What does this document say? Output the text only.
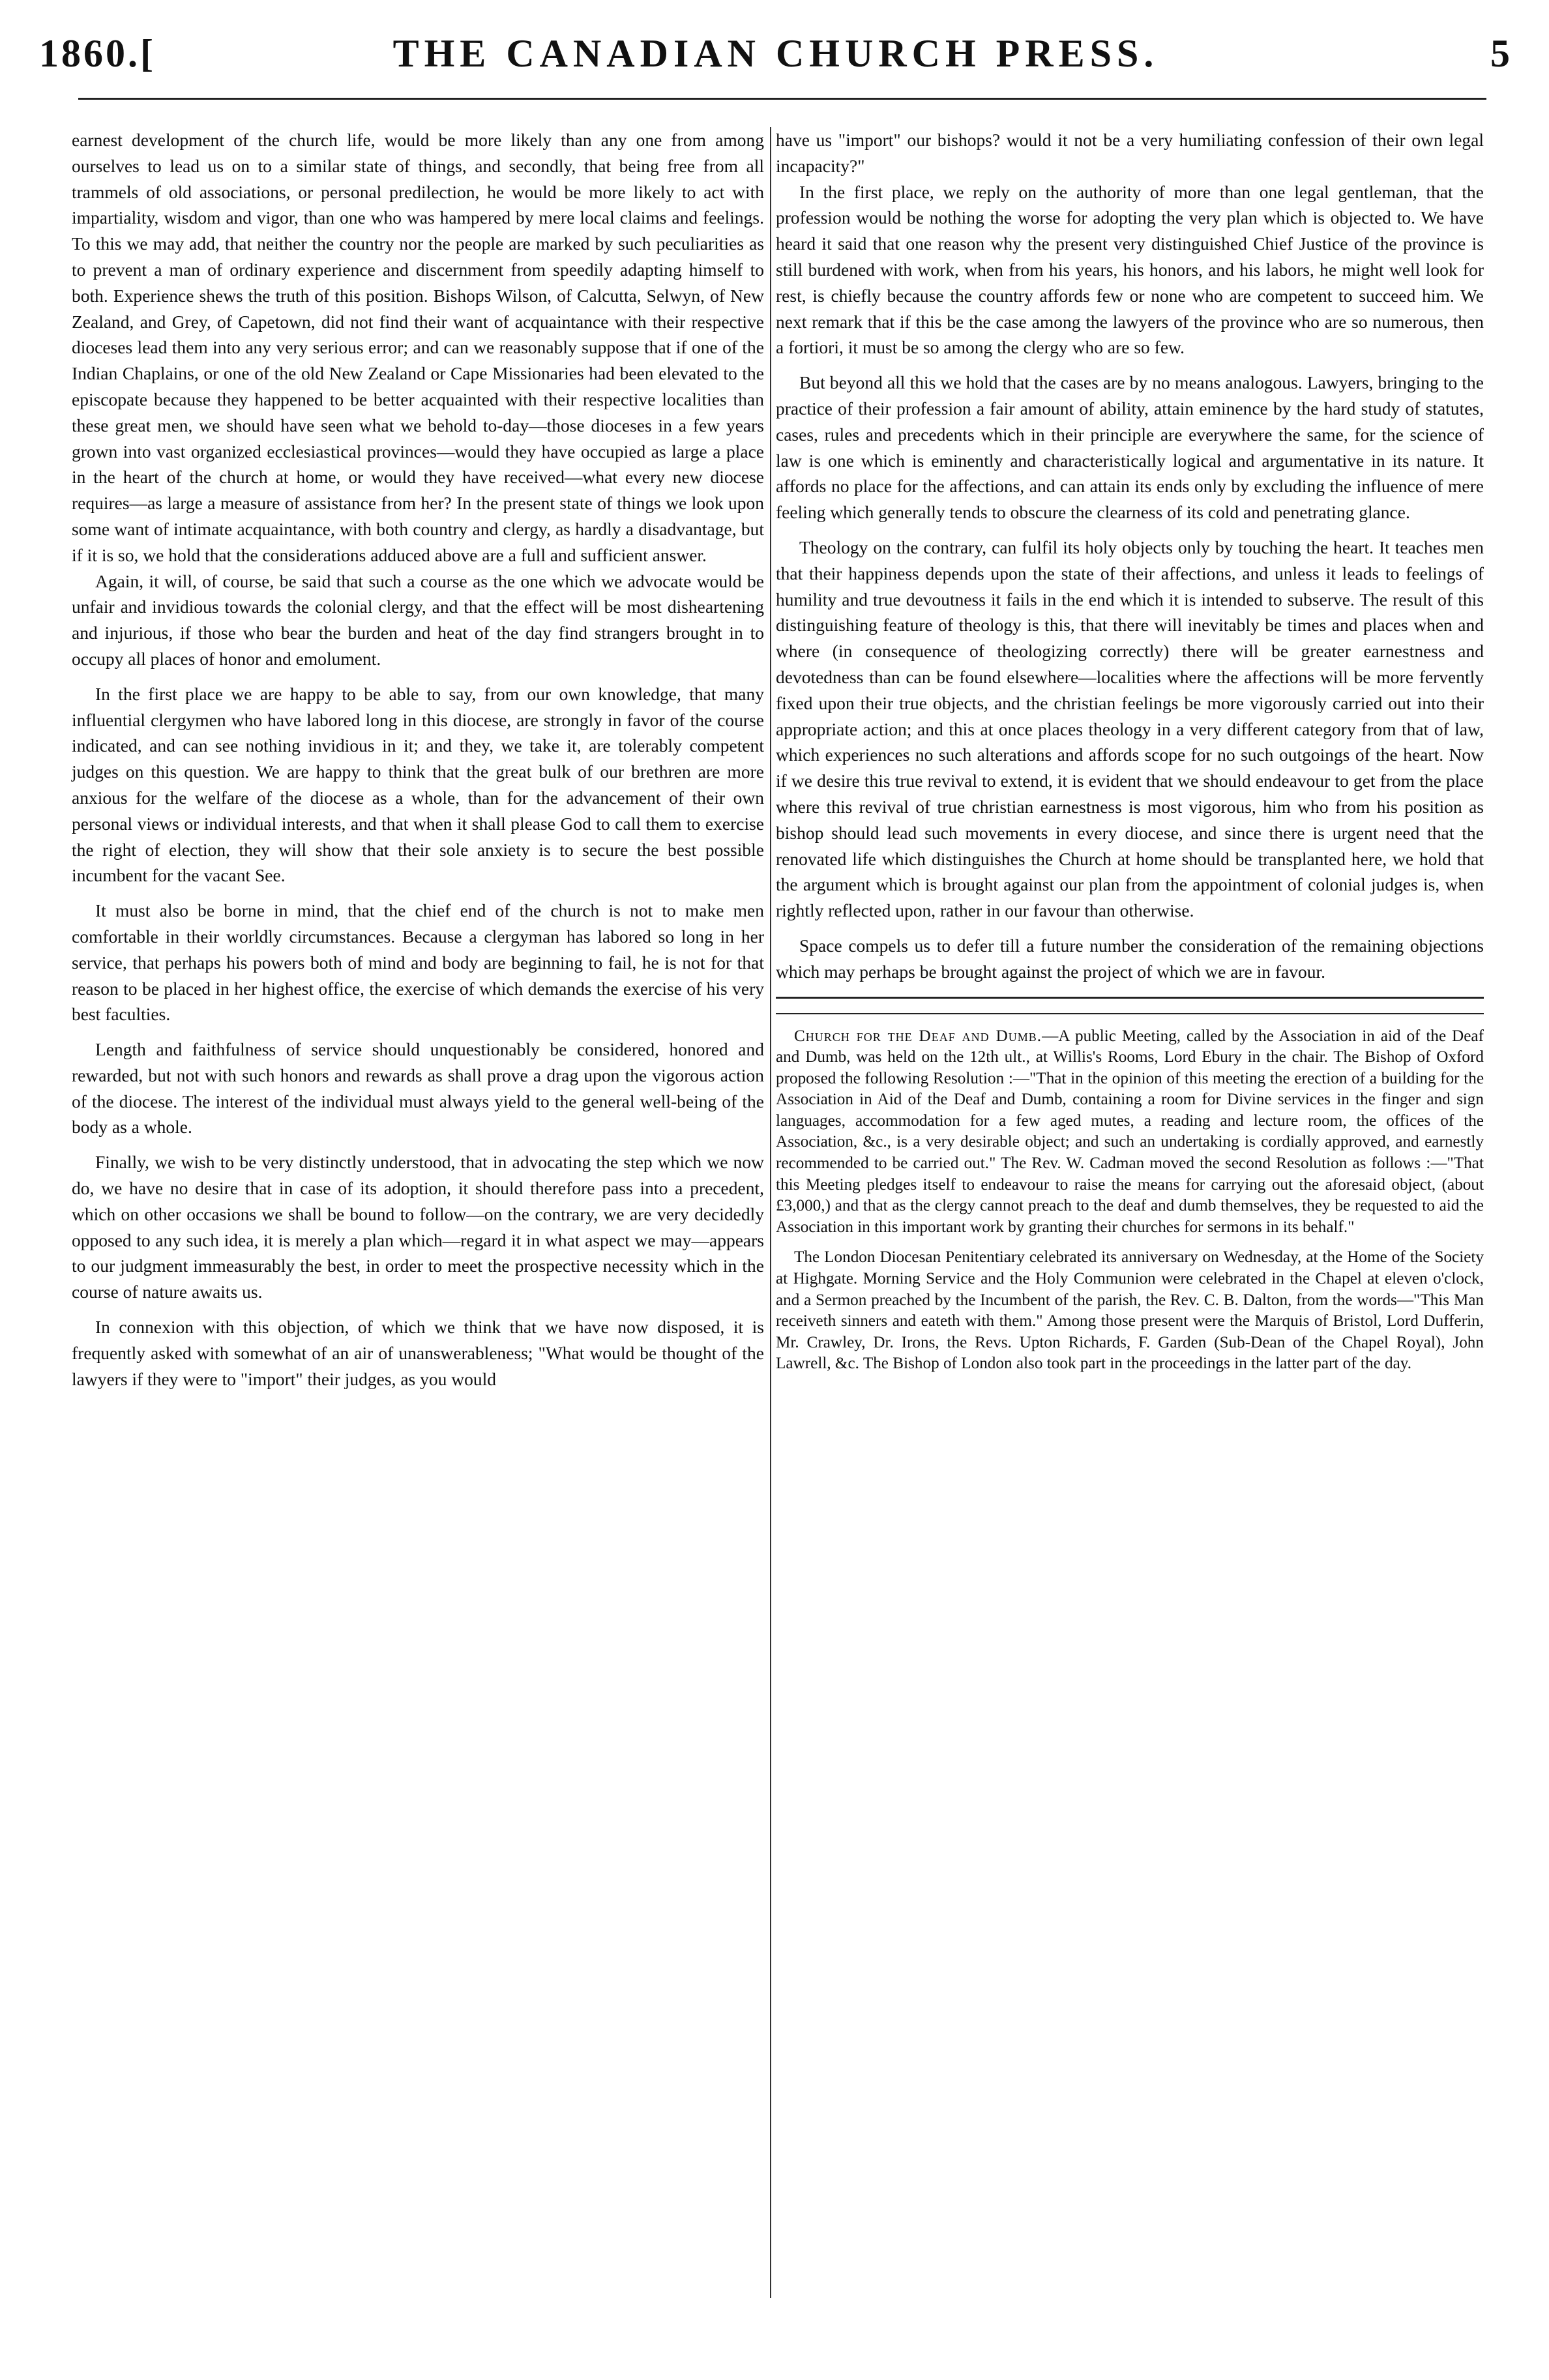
1860.[	THE CANADIAN CHURCH PRESS.	5

earnest development of the church life, would be more likely than any one from among ourselves to lead us on to a similar state of things, and secondly, that being free from all trammels of old associations, or personal predilection, he would be more likely to act with impartiality, wisdom and vigor, than one who was hampered by mere local claims and feelings. To this we may add, that neither the country nor the people are marked by such peculiarities as to prevent a man of ordinary experience and discernment from speedily adapting himself to both. Experience shews the truth of this position. Bishops Wilson, of Calcutta, Selwyn, of New Zealand, and Grey, of Capetown, did not find their want of acquaintance with their respective dioceses lead them into any very serious error; and can we reasonably suppose that if one of the Indian Chaplains, or one of the old New Zealand or Cape Missionaries had been elevated to the episcopate because they happened to be better acquainted with their respective localities than these great men, we should have seen what we behold to-day—those dioceses in a few years grown into vast organized ecclesiastical provinces—would they have occupied as large a place in the heart of the church at home, or would they have received—what every new diocese requires—as large a measure of assistance from her? In the present state of things we look upon some want of intimate acquaintance, with both country and clergy, as hardly a disadvantage, but if it is so, we hold that the considerations adduced above are a full and sufficient answer.

Again, it will, of course, be said that such a course as the one which we advocate would be unfair and invidious towards the colonial clergy, and that the effect will be most disheartening and injurious, if those who bear the burden and heat of the day find strangers brought in to occupy all places of honor and emolument.

In the first place we are happy to be able to say, from our own knowledge, that many influential clergymen who have labored long in this diocese, are strongly in favor of the course indicated, and can see nothing invidious in it; and they, we take it, are tolerably competent judges on this question. We are happy to think that the great bulk of our brethren are more anxious for the welfare of the diocese as a whole, than for the advancement of their own personal views or individual interests, and that when it shall please God to call them to exercise the right of election, they will show that their sole anxiety is to secure the best possible incumbent for the vacant See.

It must also be borne in mind, that the chief end of the church is not to make men comfortable in their worldly circumstances. Because a clergyman has labored so long in her service, that perhaps his powers both of mind and body are beginning to fail, he is not for that reason to be placed in her highest office, the exercise of which demands the exercise of his very best faculties.

Length and faithfulness of service should unquestionably be considered, honored and rewarded, but not with such honors and rewards as shall prove a drag upon the vigorous action of the diocese. The interest of the individual must always yield to the general well-being of the body as a whole.

Finally, we wish to be very distinctly understood, that in advocating the step which we now do, we have no desire that in case of its adoption, it should therefore pass into a precedent, which on other occasions we shall be bound to follow—on the contrary, we are very decidedly opposed to any such idea, it is merely a plan which—regard it in what aspect we may—appears to our judgment immeasurably the best, in order to meet the prospective necessity which in the course of nature awaits us.

In connexion with this objection, of which we think that we have now disposed, it is frequently asked with somewhat of an air of unanswerableness; "What would be thought of the lawyers if they were to "import" their judges, as you would

have us "import" our bishops? would it not be a very humiliating confession of their own legal incapacity?"

In the first place, we reply on the authority of more than one legal gentleman, that the profession would be nothing the worse for adopting the very plan which is objected to. We have heard it said that one reason why the present very distinguished Chief Justice of the province is still burdened with work, when from his years, his honors, and his labors, he might well look for rest, is chiefly because the country affords few or none who are competent to succeed him. We next remark that if this be the case among the lawyers of the province who are so numerous, then a fortiori, it must be so among the clergy who are so few.

But beyond all this we hold that the cases are by no means analogous. Lawyers, bringing to the practice of their profession a fair amount of ability, attain eminence by the hard study of statutes, cases, rules and precedents which in their principle are everywhere the same, for the science of law is one which is eminently and characteristically logical and argumentative in its nature. It affords no place for the affections, and can attain its ends only by excluding the influence of mere feeling which generally tends to obscure the clearness of its cold and penetrating glance.

Theology on the contrary, can fulfil its holy objects only by touching the heart. It teaches men that their happiness depends upon the state of their affections, and unless it leads to feelings of humility and true devoutness it fails in the end which it is intended to subserve. The result of this distinguishing feature of theology is this, that there will inevitably be times and places when and where (in consequence of theologizing correctly) there will be greater earnestness and devotedness than can be found elsewhere—localities where the affections will be more fervently fixed upon their true objects, and the christian feelings be more vigorously carried out into their appropriate action; and this at once places theology in a very different category from that of law, which experiences no such alterations and affords scope for no such outgoings of the heart. Now if we desire this true revival to extend, it is evident that we should endeavour to get from the place where this revival of true christian earnestness is most vigorous, him who from his position as bishop should lead such movements in every diocese, and since there is urgent need that the renovated life which distinguishes the Church at home should be transplanted here, we hold that the argument which is brought against our plan from the appointment of colonial judges is, when rightly reflected upon, rather in our favour than otherwise.

Space compels us to defer till a future number the consideration of the remaining objections which may perhaps be brought against the project of which we are in favour.

Church for the Deaf and Dumb.—A public Meeting, called by the Association in aid of the Deaf and Dumb, was held on the 12th ult., at Willis's Rooms, Lord Ebury in the chair. The Bishop of Oxford proposed the following Resolution :—"That in the opinion of this meeting the erection of a building for the Association in Aid of the Deaf and Dumb, containing a room for Divine services in the finger and sign languages, accommodation for a few aged mutes, a reading and lecture room, the offices of the Association, &c., is a very desirable object; and such an undertaking is cordially approved, and earnestly recommended to be carried out." The Rev. W. Cadman moved the second Resolution as follows :—"That this Meeting pledges itself to endeavour to raise the means for carrying out the aforesaid object, (about £3,000,) and that as the clergy cannot preach to the deaf and dumb themselves, they be requested to aid the Association in this important work by granting their churches for sermons in its behalf."

The London Diocesan Penitentiary celebrated its anniversary on Wednesday, at the Home of the Society at Highgate. Morning Service and the Holy Communion were celebrated in the Chapel at eleven o'clock, and a Sermon preached by the Incumbent of the parish, the Rev. C. B. Dalton, from the words—"This Man receiveth sinners and eateth with them." Among those present were the Marquis of Bristol, Lord Dufferin, Mr. Crawley, Dr. Irons, the Revs. Upton Richards, F. Garden (Sub-Dean of the Chapel Royal), John Lawrell, &c. The Bishop of London also took part in the proceedings in the latter part of the day.
